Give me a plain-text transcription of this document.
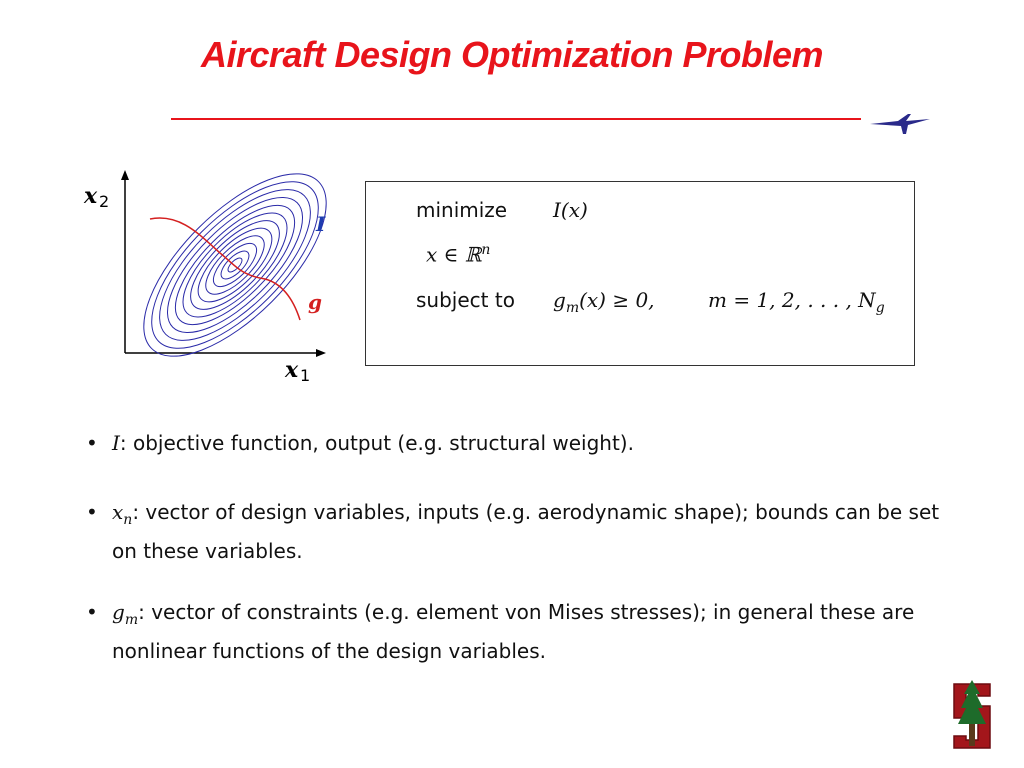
Aircraft Design Optimization Problem
I
g
x 2
x 1
minimize I(x)
x ∈ ℝ$^n$
subject to $g_m(x) \ge 0$,	m = 1, 2, . . . , $N_g$
• I: objective function, output (e.g. structural weight).
• $x_n$: vector of design variables, inputs (e.g. aerodynamic shape); bounds can be set on these variables.
• $g_m$: vector of constraints (e.g. element von Mises stresses); in general these are nonlinear functions of the design variables.
